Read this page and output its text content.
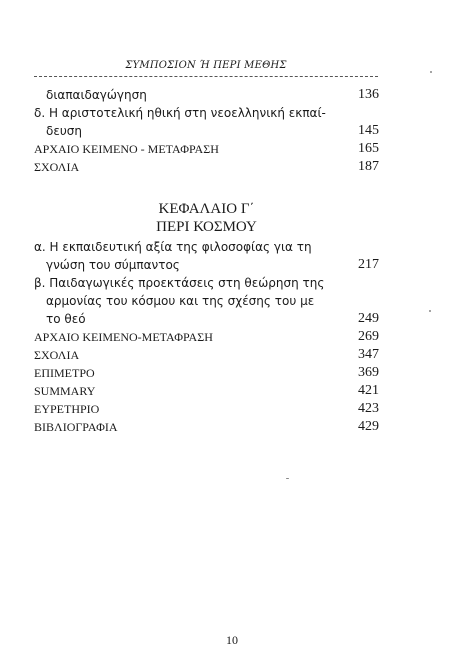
ΣΥΜΠΟΣΙΟΝ Ή ΠΕΡΙ ΜΕΘΗΣ
διαπαιδαγώγηση	136
δ. Η αριστοτελική ηθική στη νεοελληνική εκπαί-
δευση	145
ΑΡΧΑΙΟ ΚΕΙΜΕΝΟ - ΜΕΤΑΦΡΑΣΗ	165
ΣΧΟΛΙΑ	187
ΚΕΦΑΛΑΙΟ Γ΄
ΠΕΡΙ ΚΟΣΜΟΥ
α. Η εκπαιδευτική αξία της φιλοσοφίας για τη
γνώση του σύμπαντος	217
β. Παιδαγωγικές προεκτάσεις στη θεώρηση της
αρμονίας του κόσμου και της σχέσης του με
το θεό	249
ΑΡΧΑΙΟ ΚΕΙΜΕΝΟ-ΜΕΤΑΦΡΑΣΗ	269
ΣΧΟΛΙΑ	347
ΕΠΙΜΕΤΡΟ	369
SUMMARY	421
ΕΥΡΕΤΗΡΙΟ	423
ΒΙΒΛΙΟΓΡΑΦΙΑ	429
10
